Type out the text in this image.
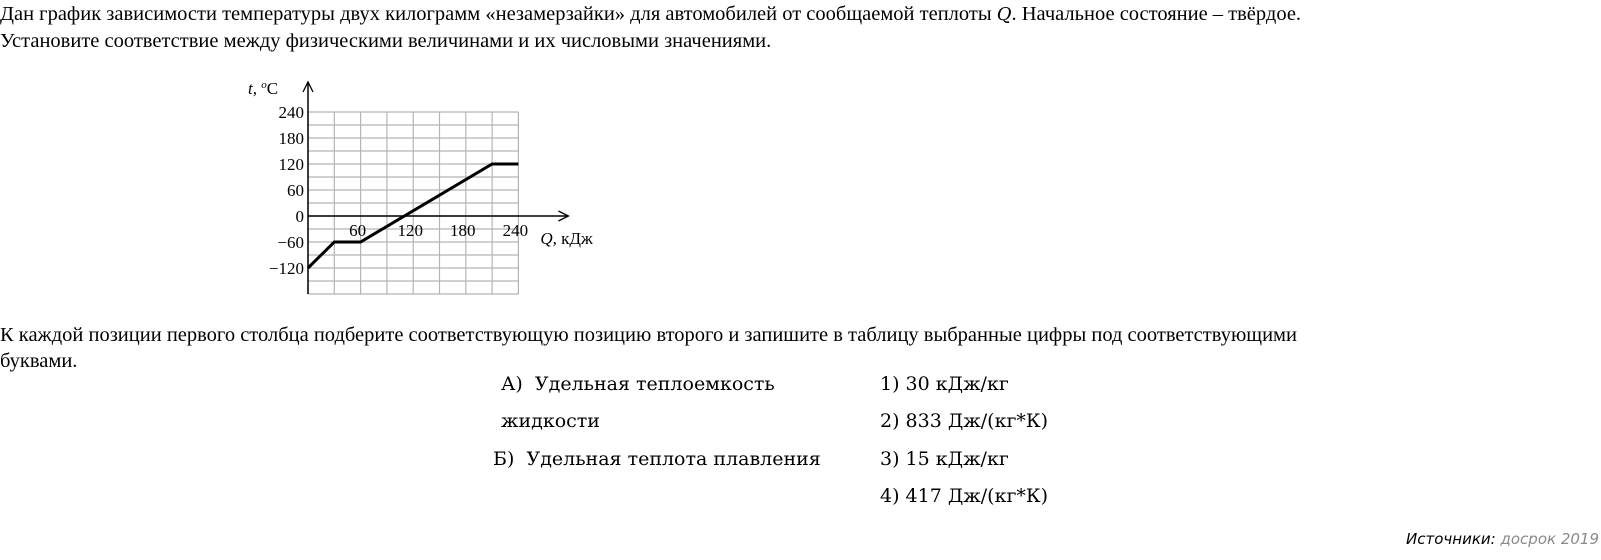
Дан график зависимости температуры двух килограмм «незамерзайки» для автомобилей от сообщаемой теплоты Q. Начальное состояние – твёрдое.
Установите соответствие между физическими величинами и их числовыми значениями.
240
180
120
60
0
−60
−120
60 120 180 240
t, $^o$C
Q, кДж
К каждой позиции первого столбца подберите соответствующую позицию второго и запишите в таблицу выбранные цифры под соответствующими
буквами.
А) Удельная теплоемкость
жидкости
Б) Удельная теплота плавления
1) 30 кДж/кг
2) 833 Дж/(кг*К)
3) 15 кДж/кг
4) 417 Дж/(кг*К)
Источники: досрок 2019
